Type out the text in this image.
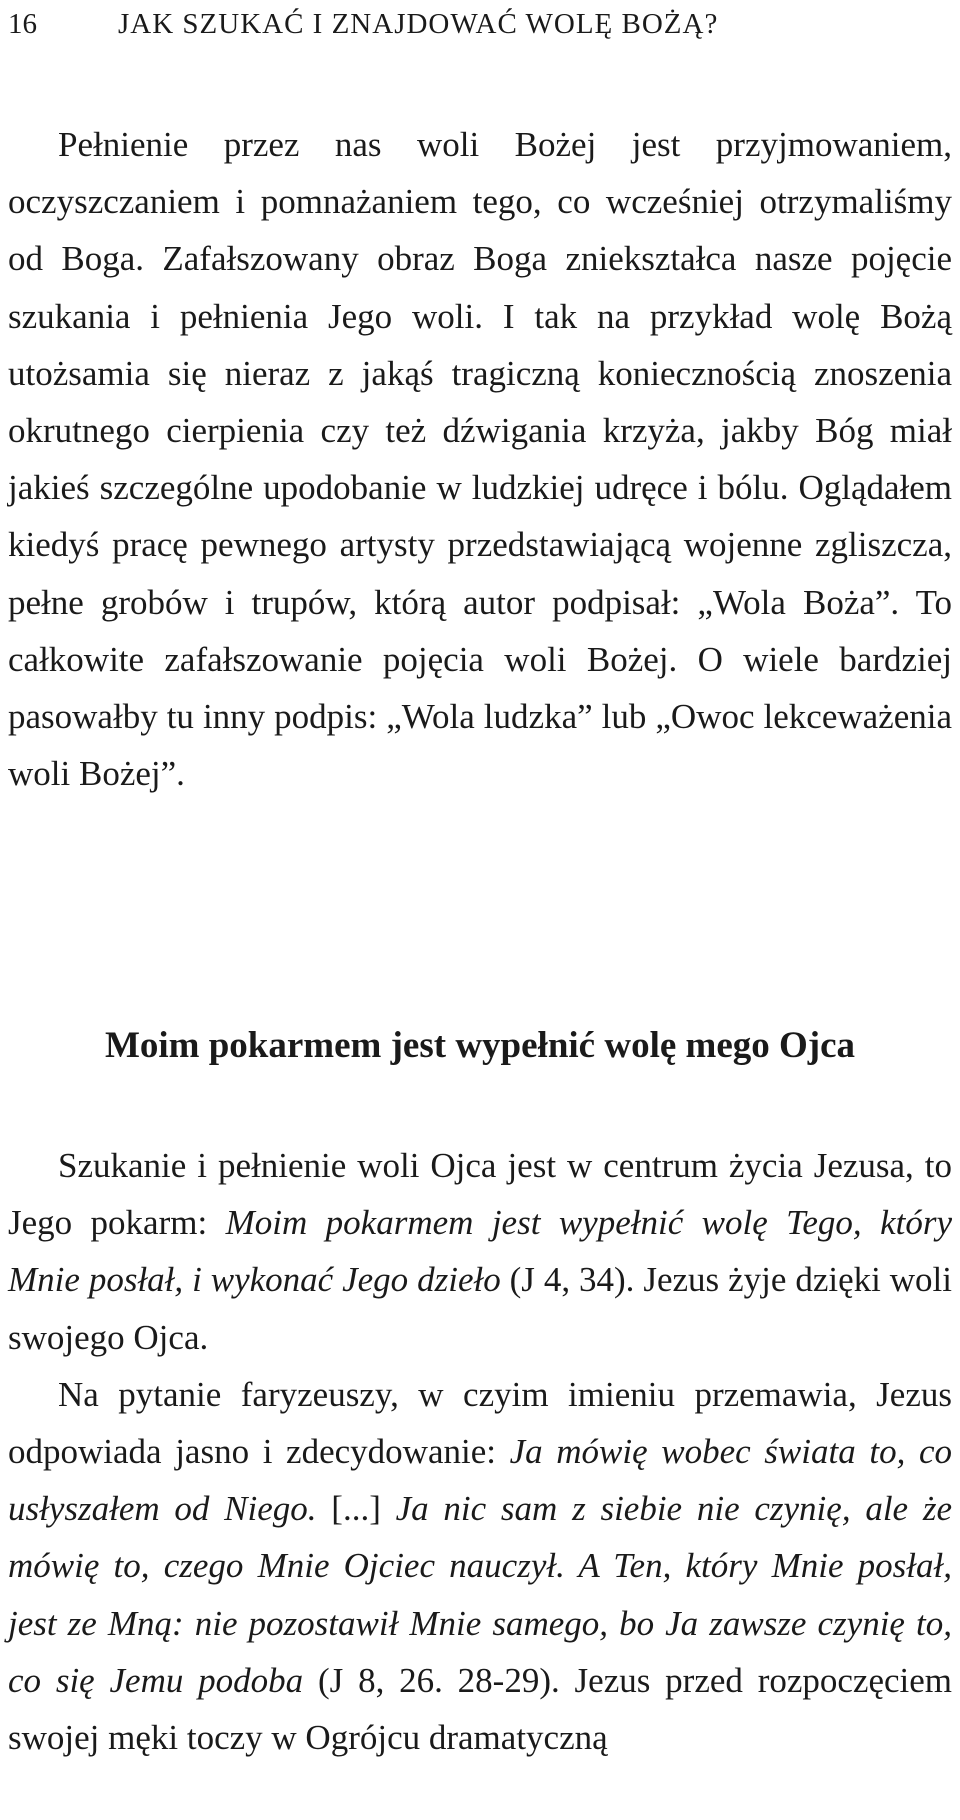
16	JAK SZUKAĆ I ZNAJDOWAĆ WOLĘ BOŻĄ?

Pełnienie przez nas woli Bożej jest przyjmowaniem, oczyszczaniem i pomnażaniem tego, co wcześniej otrzymaliśmy od Boga. Zafałszowany obraz Boga zniekształca nasze pojęcie szukania i pełnienia Jego woli. I tak na przykład wolę Bożą utożsamia się nieraz z jakąś tragiczną koniecznością znoszenia okrutnego cierpienia czy też dźwigania krzyża, jakby Bóg miał jakieś szczególne upodobanie w ludzkiej udręce i bólu. Oglądałem kiedyś pracę pewnego artysty przedstawiającą wojenne zgliszcza, pełne grobów i trupów, którą autor podpisał: „Wola Boża”. To całkowite zafałszowanie pojęcia woli Bożej. O wiele bardziej pasowałby tu inny podpis: „Wola ludzka” lub „Owoc lekceważenia woli Bożej”.

Moim pokarmem jest wypełnić wolę mego Ojca

Szukanie i pełnienie woli Ojca jest w centrum życia Jezusa, to Jego pokarm: Moim pokarmem jest wypełnić wolę Tego, który Mnie posłał, i wykonać Jego dzieło (J 4, 34). Jezus żyje dzięki woli swojego Ojca.

Na pytanie faryzeuszy, w czyim imieniu przemawia, Jezus odpowiada jasno i zdecydowanie: Ja mówię wobec świata to, co usłyszałem od Niego. [...] Ja nic sam z siebie nie czynię, ale że mówię to, czego Mnie Ojciec nauczył. A Ten, który Mnie posłał, jest ze Mną: nie pozostawił Mnie samego, bo Ja zawsze czynię to, co się Jemu podoba (J 8, 26. 28-29). Jezus przed rozpoczęciem swojej męki toczy w Ogrójcu dramatyczną
